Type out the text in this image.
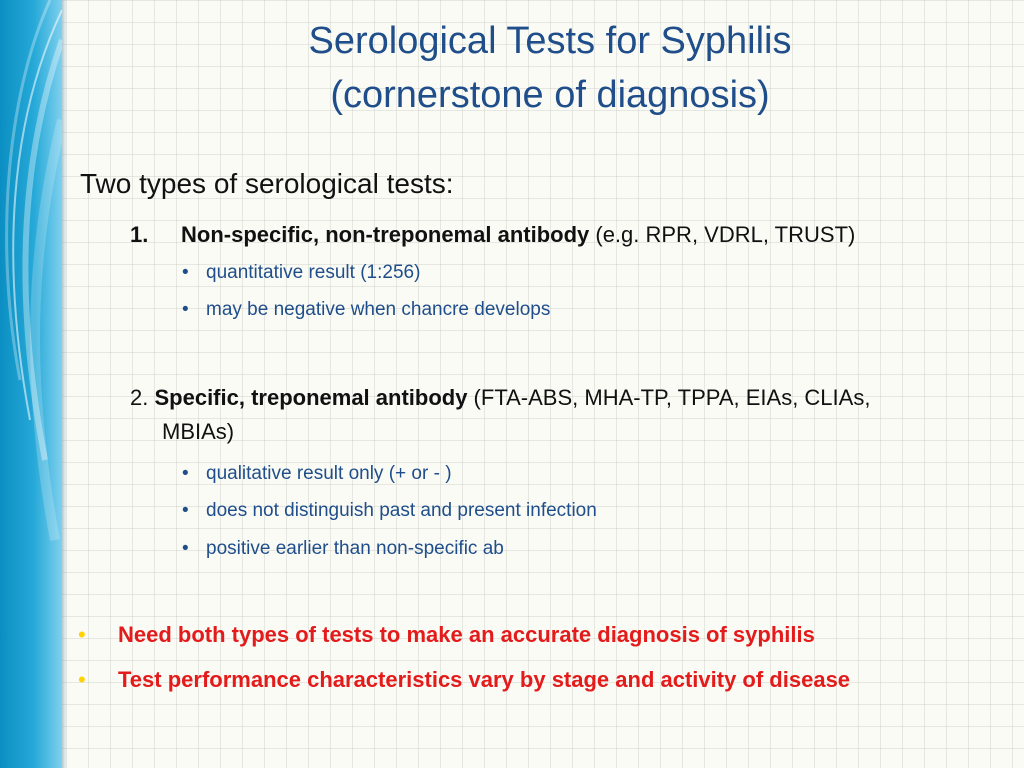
Serological Tests for Syphilis
(cornerstone of diagnosis)
Two types of serological tests:
1. Non-specific, non-treponemal antibody (e.g. RPR, VDRL, TRUST)
• quantitative result (1:256)
• may be negative when chancre develops
2. Specific, treponemal antibody (FTA-ABS, MHA-TP, TPPA, EIAs, CLIAs,
MBIAs)
• qualitative result only (+ or - )
• does not distinguish past and present infection
• positive earlier than non-specific ab
• Need both types of tests to make an accurate diagnosis of syphilis
• Test performance characteristics vary by stage and activity of disease
